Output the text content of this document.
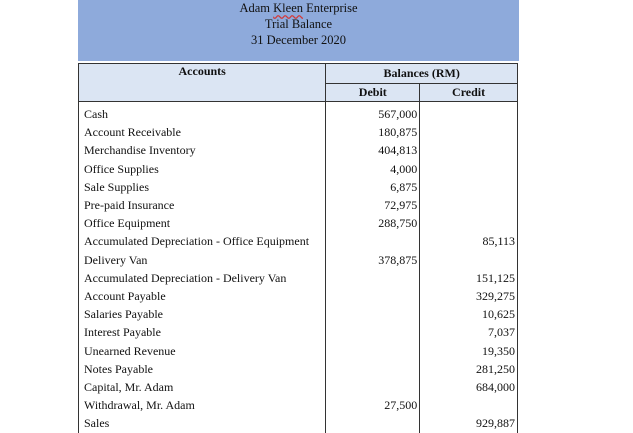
Adam Kleen Enterprise
Trial Balance
31 December 2020
Accounts	Balances (RM)	
	Debit	Credit

Cash	567,000	
Account Receivable	180,875	
Merchandise Inventory	404,813	
Office Supplies	4,000	
Sale Supplies	6,875	
Pre-paid Insurance	72,975	
Office Equipment	288,750	
Accumulated Depreciation - Office Equipment		85,113
Delivery Van	378,875	
Accumulated Depreciation - Delivery Van		151,125
Account Payable		329,275
Salaries Payable		10,625
Interest Payable		7,037
Unearned Revenue		19,350
Notes Payable		281,250
Capital, Mr. Adam		684,000
Withdrawal, Mr. Adam	27,500	
Sales		929,887
